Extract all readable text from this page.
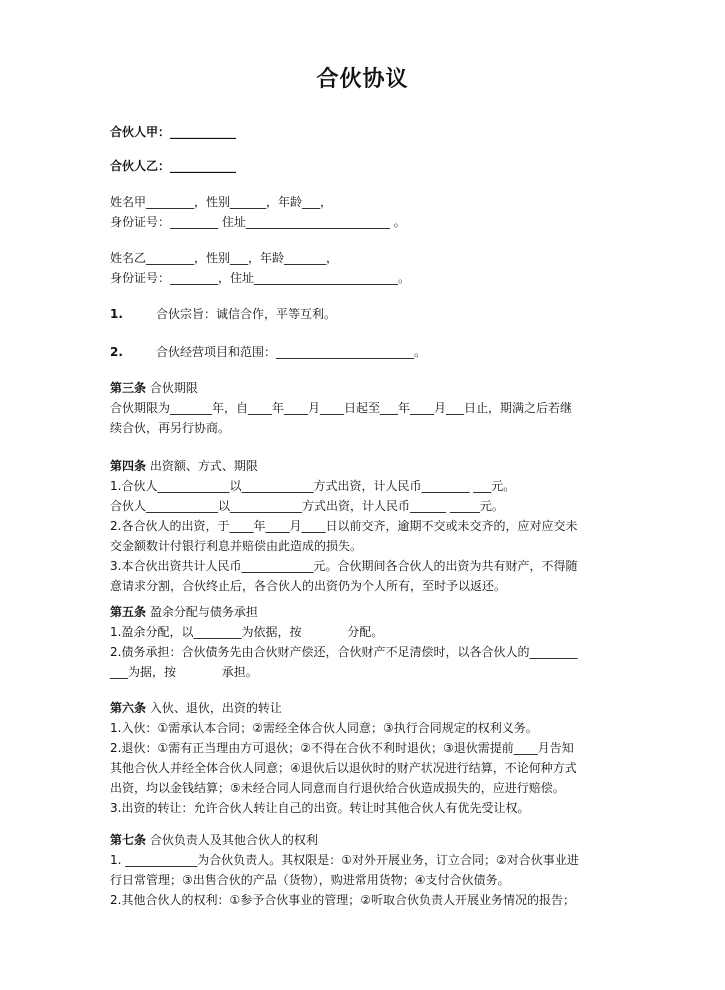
合伙协议
合伙人甲：___________
合伙人乙：___________
姓名甲________，性别______，年龄___，
身份证号：________ 住址________________________ 。
姓名乙________，性别___，年龄_______，
身份证号：________，住址________________________。
1.	合伙宗旨：诚信合作，平等互利。
2.	合伙经营项目和范围：_______________________。
第三条 合伙期限
合伙期限为_______年，自____年____月____日起至___年____月___日止，期满之后若继
续合伙，再另行协商。
第四条 出资额、方式、期限
1.合伙人____________以____________方式出资，计人民币________ ___元。
合伙人____________以____________方式出资，计人民币______ _____元。
2.各合伙人的出资，于____年____月____日以前交齐，逾期不交或未交齐的，应对应交未
交金额数计付银行利息并赔偿由此造成的损失。
3.本合伙出资共计人民币____________元。合伙期间各合伙人的出资为共有财产，不得随
意请求分割，合伙终止后，各合伙人的出资仍为个人所有，至时予以返还。
第五条 盈余分配与债务承担
1.盈余分配，以________为依据，按            分配。
2.债务承担：合伙债务先由合伙财产偿还，合伙财产不足清偿时，以各合伙人的________
___为据，按            承担。
第六条 入伙、退伙，出资的转让
1.入伙：①需承认本合同；②需经全体合伙人同意；③执行合同规定的权利义务。
2.退伙：①需有正当理由方可退伙；②不得在合伙不利时退伙；③退伙需提前____月告知
其他合伙人并经全体合伙人同意；④退伙后以退伙时的财产状况进行结算，不论何种方式
出资，均以金钱结算；⑤未经合同人同意而自行退伙给合伙造成损失的，应进行赔偿。
3.出资的转让：允许合伙人转让自己的出资。转让时其他合伙人有优先受让权。
第七条 合伙负责人及其他合伙人的权利
1. ____________为合伙负责人。其权限是：①对外开展业务，订立合同；②对合伙事业进
行日常管理；③出售合伙的产品（货物），购进常用货物；④支付合伙债务。
2.其他合伙人的权利：①参予合伙事业的管理；②听取合伙负责人开展业务情况的报告；
